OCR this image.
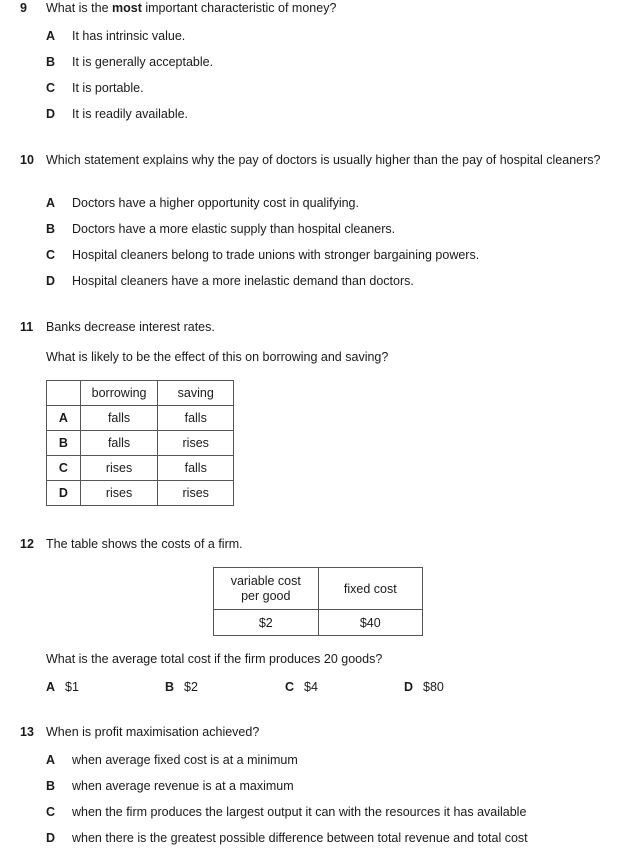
9 What is the most important characteristic of money?
A It has intrinsic value.
B It is generally acceptable.
C It is portable.
D It is readily available.
10 Which statement explains why the pay of doctors is usually higher than the pay of hospital cleaners?
A Doctors have a higher opportunity cost in qualifying.
B Doctors have a more elastic supply than hospital cleaners.
C Hospital cleaners belong to trade unions with stronger bargaining powers.
D Hospital cleaners have a more inelastic demand than doctors.
11 Banks decrease interest rates.
What is likely to be the effect of this on borrowing and saving?
	borrowing	saving
A	falls	falls
B	falls	rises
C	rises	falls
D	rises	rises
12 The table shows the costs of a firm.
variable cost
per good	fixed cost
$2	$40
What is the average total cost if the firm produces 20 goods?
A $1	B $2	C $4	D $80
13 When is profit maximisation achieved?
A when average fixed cost is at a minimum
B when average revenue is at a maximum
C when the firm produces the largest output it can with the resources it has available
D when there is the greatest possible difference between total revenue and total cost
